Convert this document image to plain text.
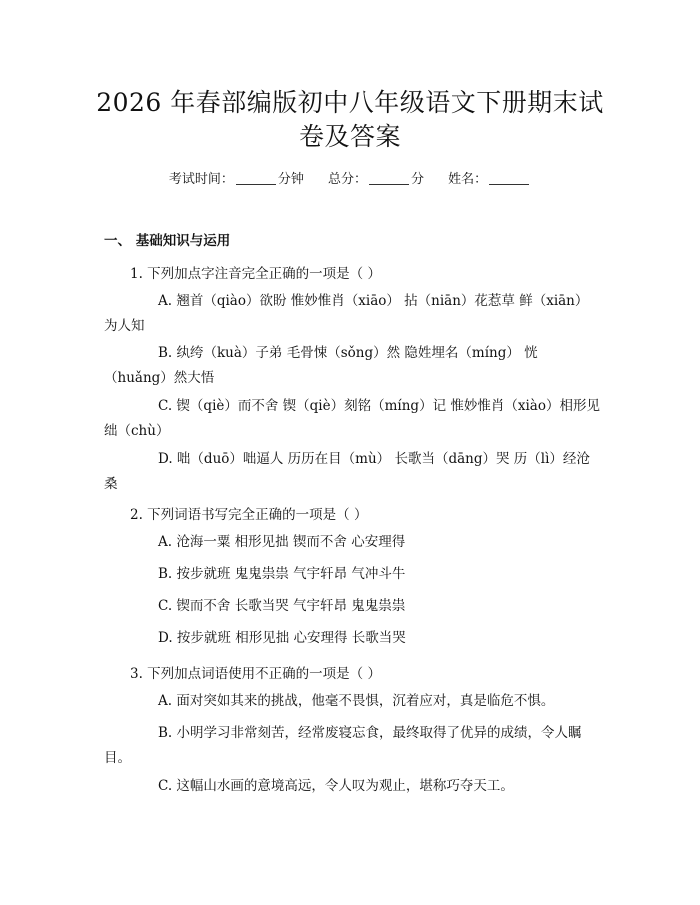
2026 年春部编版初中八年级语文下册期末试
卷及答案
考试时间：	分钟 总分：	分 姓名：
一、 基础知识与运用
1. 下列加点字注音完全正确的一项是（ ）
A. 翘首（qiào）欲盼 惟妙惟肖（xiāo） 拈（niān）花惹草 鲜（xiān）为人知
B. 纨绔（kuà）子弟 毛骨悚（sǒng）然 隐姓埋名（míng） 恍（huǎng）然大悟
C. 锲（qiè）而不舍 锲（qiè）刻铭（míng）记 惟妙惟肖（xiào）相形见绌（chù）
D. 咄（duō）咄逼人 历历在目（mù） 长歌当（dāng）哭 历（lì）经沧桑
2. 下列词语书写完全正确的一项是（ ）
A. 沧海一粟 相形见拙 锲而不舍 心安理得
B. 按步就班 鬼鬼祟祟 气宇轩昂 气冲斗牛
C. 锲而不舍 长歌当哭 气宇轩昂 鬼鬼祟祟
D. 按步就班 相形见拙 心安理得 长歌当哭
3. 下列加点词语使用不正确的一项是（ ）
A. 面对突如其来的挑战，他毫不畏惧，沉着应对，真是临危不惧。
B. 小明学习非常刻苦，经常废寝忘食，最终取得了优异的成绩，令人瞩目。
C. 这幅山水画的意境高远，令人叹为观止，堪称巧夺天工。
